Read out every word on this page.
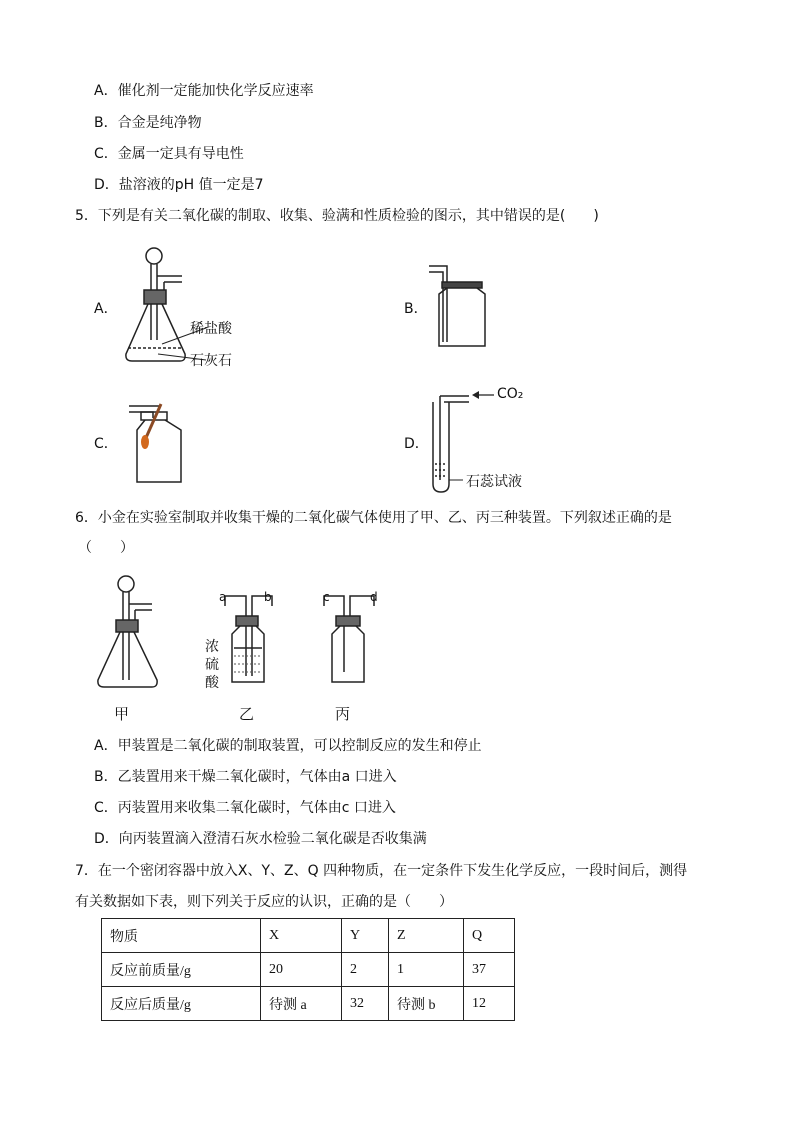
A．催化剂一定能加快化学反应速率
B．合金是纯净物
C．金属一定具有导电性
D．盐溶液的pH 值一定是7
5．下列是有关二氧化碳的制取、收集、验满和性质检验的图示，其中错误的是(　　)
A．
稀盐酸
石灰石
B．
C．	D．
CO₂
石蕊试液
6．小金在实验室制取并收集干燥的二氧化碳气体使用了甲、乙、丙三种装置。下列叙述正确的是
（　　）
甲
a	b
浓
硫
酸
乙
c	d
丙
A．甲装置是二氧化碳的制取装置，可以控制反应的发生和停止
B．乙装置用来干燥二氧化碳时，气体由a 口进入
C．丙装置用来收集二氧化碳时，气体由c 口进入
D．向丙装置滴入澄清石灰水检验二氧化碳是否收集满
7．在一个密闭容器中放入X、Y、Z、Q 四种物质，在一定条件下发生化学反应，一段时间后，测得
有关数据如下表，则下列关于反应的认识，正确的是（　　）
物质	X	Y	Z	Q
反应前质量/g	20	2	1	37
反应后质量/g	待测 a	32	待测 b	12
